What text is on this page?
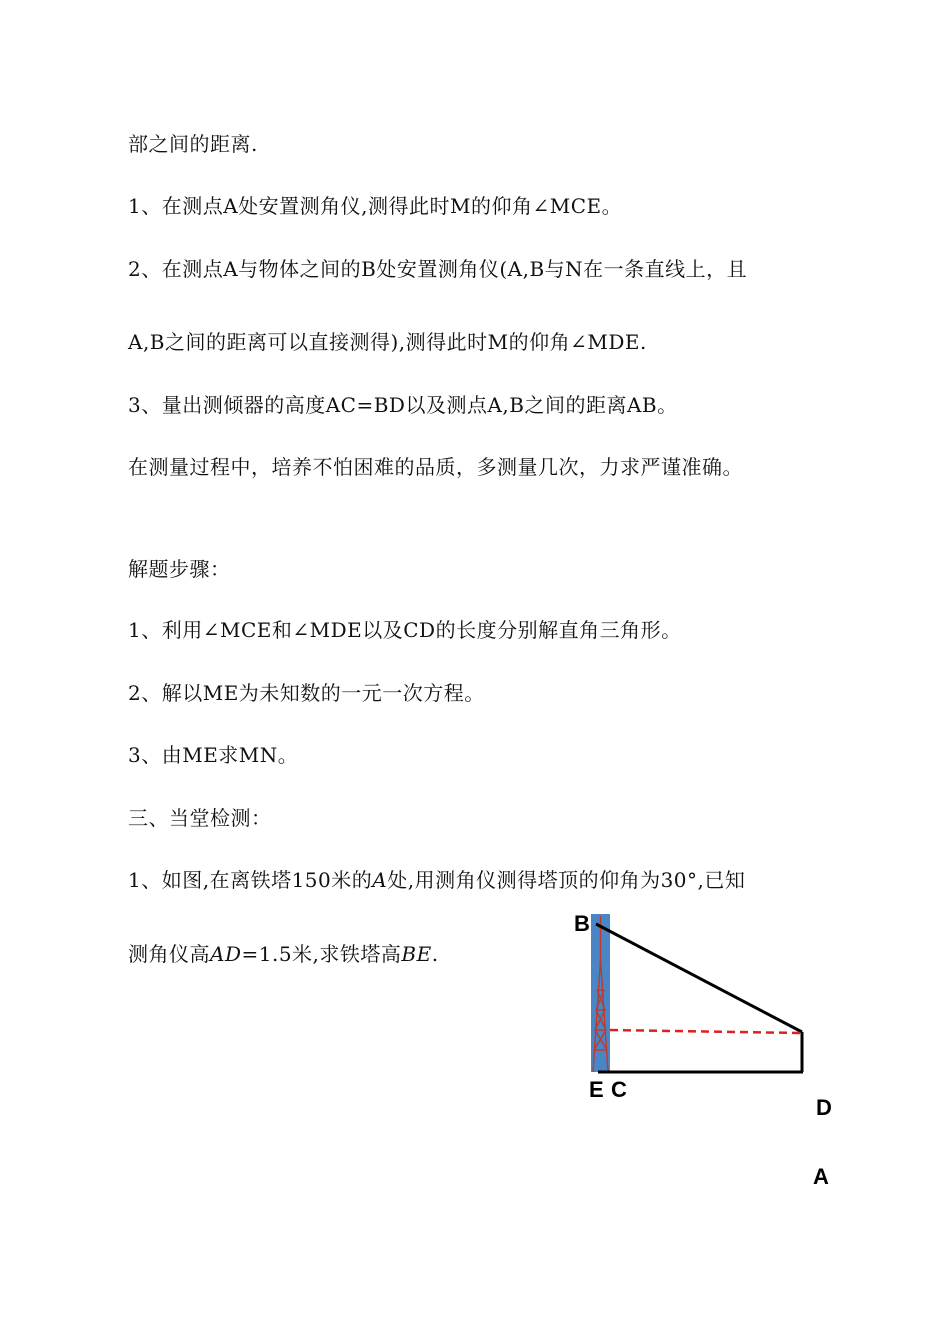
部之间的距离.
1、在测点A处安置测角仪,测得此时M的仰角∠MCE。
2、在测点A与物体之间的B处安置测角仪(A,B与N在一条直线上，且
A,B之间的距离可以直接测得),测得此时M的仰角∠MDE.
3、量出测倾器的高度AC=BD以及测点A,B之间的距离AB。
在测量过程中，培养不怕困难的品质，多测量几次，力求严谨准确。
解题步骤：
1、利用∠MCE和∠MDE以及CD的长度分别解直角三角形。
2、解以ME为未知数的一元一次方程。
3、由ME求MN。
三、当堂检测：
1、如图,在离铁塔150米的A处,用测角仪测得塔顶的仰角为30°,已知
测角仪高AD=1.5米,求铁塔高BE.
B
E C
D
A
